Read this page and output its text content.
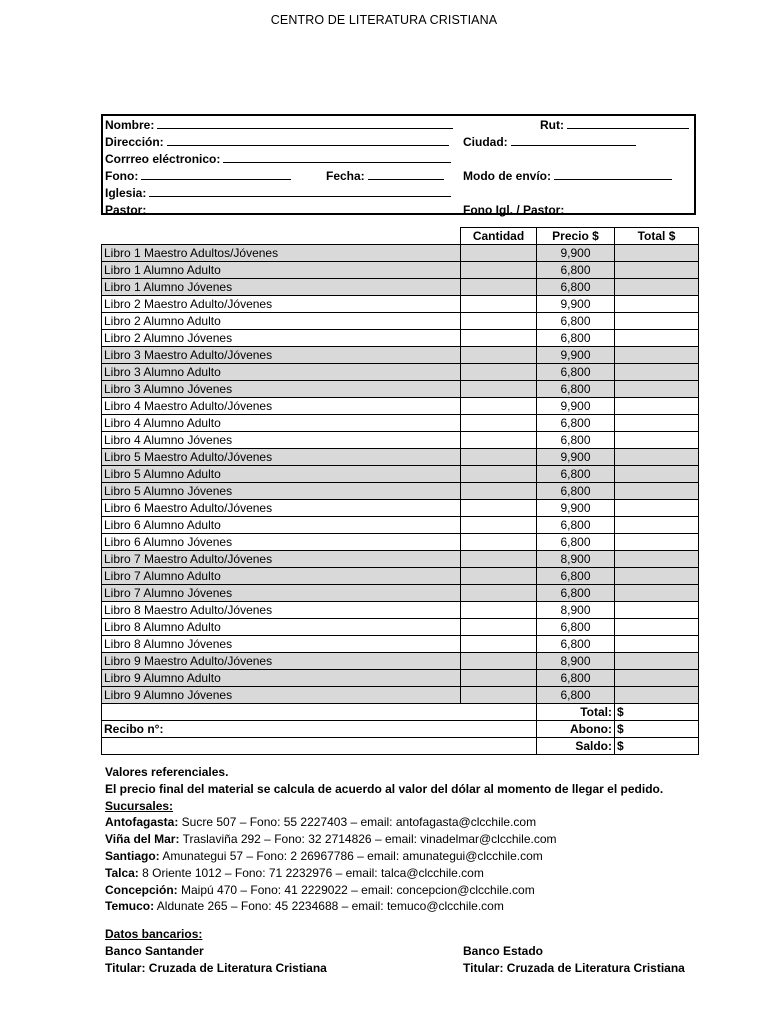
CENTRO DE LITERATURA CRISTIANA
Nombre:	Rut:
Dirección:	Ciudad:
Corrreo eléctronico:
Fono:	Fecha:	Modo de envío:
Iglesia:
Pastor:	Fono Igl. / Pastor:
	Cantidad	Precio $	Total $
Libro 1 Maestro Adultos/Jóvenes		9,900	
Libro 1 Alumno Adulto		6,800	
Libro 1 Alumno Jóvenes		6,800	
Libro 2 Maestro Adulto/Jóvenes		9,900	
Libro 2 Alumno Adulto		6,800	
Libro 2 Alumno Jóvenes		6,800	
Libro 3 Maestro Adulto/Jóvenes		9,900	
Libro 3 Alumno Adulto		6,800	
Libro 3 Alumno Jóvenes		6,800	
Libro 4 Maestro Adulto/Jóvenes		9,900	
Libro 4 Alumno Adulto		6,800	
Libro 4 Alumno Jóvenes		6,800	
Libro 5 Maestro Adulto/Jóvenes		9,900	
Libro 5 Alumno Adulto		6,800	
Libro 5 Alumno Jóvenes		6,800	
Libro 6 Maestro Adulto/Jóvenes		9,900	
Libro 6 Alumno Adulto		6,800	
Libro 6 Alumno Jóvenes		6,800	
Libro 7 Maestro Adulto/Jóvenes		8,900	
Libro 7 Alumno Adulto		6,800	
Libro 7 Alumno Jóvenes		6,800	
Libro 8 Maestro Adulto/Jóvenes		8,900	
Libro 8 Alumno Adulto		6,800	
Libro 8 Alumno Jóvenes		6,800	
Libro 9 Maestro Adulto/Jóvenes		8,900	
Libro 9 Alumno Adulto		6,800	
Libro 9 Alumno Jóvenes		6,800	
		Total:	$
Recibo n°:		Abono:	$
		Saldo:	$
Valores referenciales.
El precio final del material se calcula de acuerdo al valor del dólar al momento de llegar el pedido.
Sucursales:
Antofagasta: Sucre 507 – Fono: 55 2227403 – email: antofagasta@clcchile.com
Viña del Mar: Traslaviña 292 – Fono: 32 2714826 – email: vinadelmar@clcchile.com
Santiago: Amunategui 57 – Fono: 2 26967786 – email: amunategui@clcchile.com
Talca: 8 Oriente 1012 – Fono: 71 2232976 – email: talca@clcchile.com
Concepción: Maipú 470 – Fono: 41 2229022 – email: concepcion@clcchile.com
Temuco: Aldunate 265 – Fono: 45 2234688 – email: temuco@clcchile.com
Datos bancarios:
Banco Santander
Titular: Cruzada de Literatura Cristiana
Banco Estado
Titular: Cruzada de Literatura Cristiana
